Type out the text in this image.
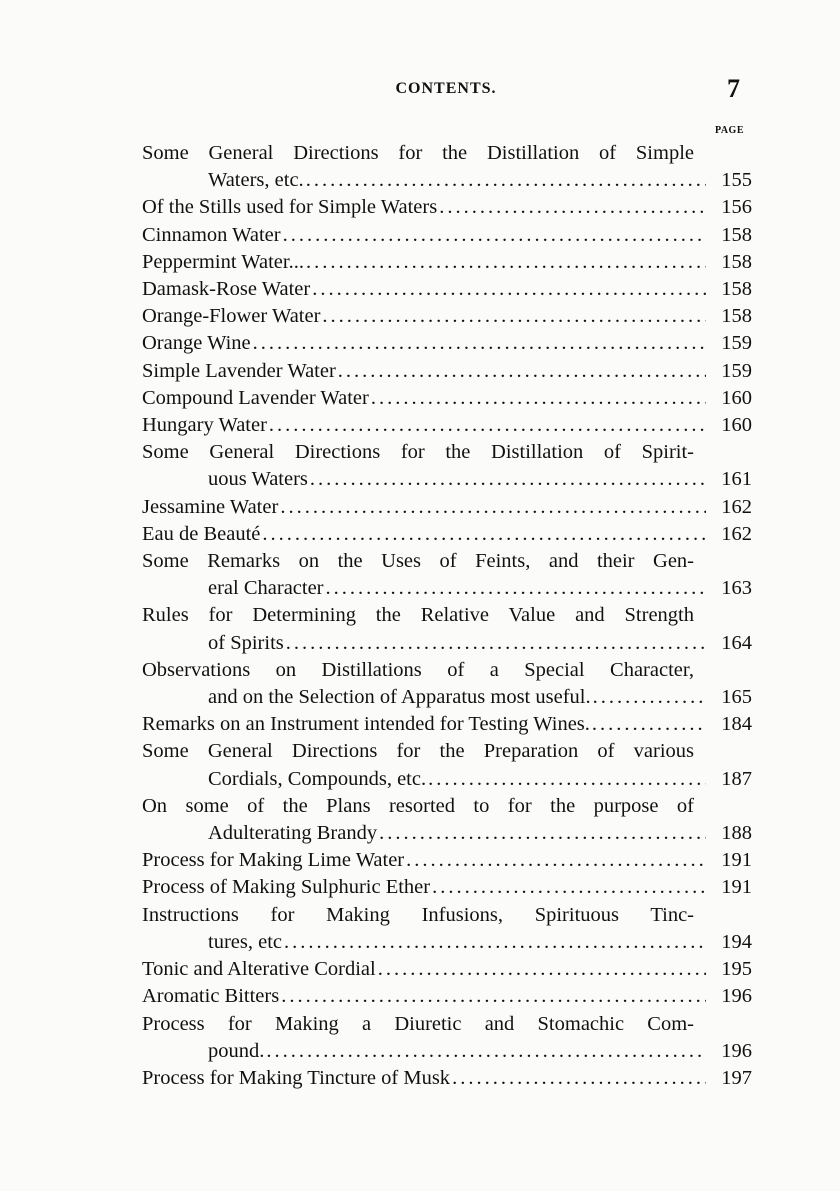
CONTENTS.	7
PAGE
Some General Directions for the Distillation of Simple
Waters, etc. .....	155
Of the Stills used for Simple Waters .....	156
Cinnamon Water .....	158
Peppermint Water... .....	158
Damask-Rose Water .....	158
Orange-Flower Water .....	158
Orange Wine .....	159
Simple Lavender Water .....	159
Compound Lavender Water .....	160
Hungary Water .....	160
Some General Directions for the Distillation of Spirit-
uous Waters .....	161
Jessamine Water .....	162
Eau de Beauté .....	162
Some Remarks on the Uses of Feints, and their Gen-
eral Character .....	163
Rules for Determining the Relative Value and Strength
of Spirits .....	164
Observations on Distillations of a Special Character,
and on the Selection of Apparatus most useful. .....	165
Remarks on an Instrument intended for Testing Wines. .....	184
Some General Directions for the Preparation of various
Cordials, Compounds, etc. .....	187
On some of the Plans resorted to for the purpose of
Adulterating Brandy .....	188
Process for Making Lime Water .....	191
Process of Making Sulphuric Ether .....	191
Instructions for Making Infusions, Spirituous Tinc-
tures, etc .....	194
Tonic and Alterative Cordial .....	195
Aromatic Bitters .....	196
Process for Making a Diuretic and Stomachic Com-
pound. .....	196
Process for Making Tincture of Musk .....	197
